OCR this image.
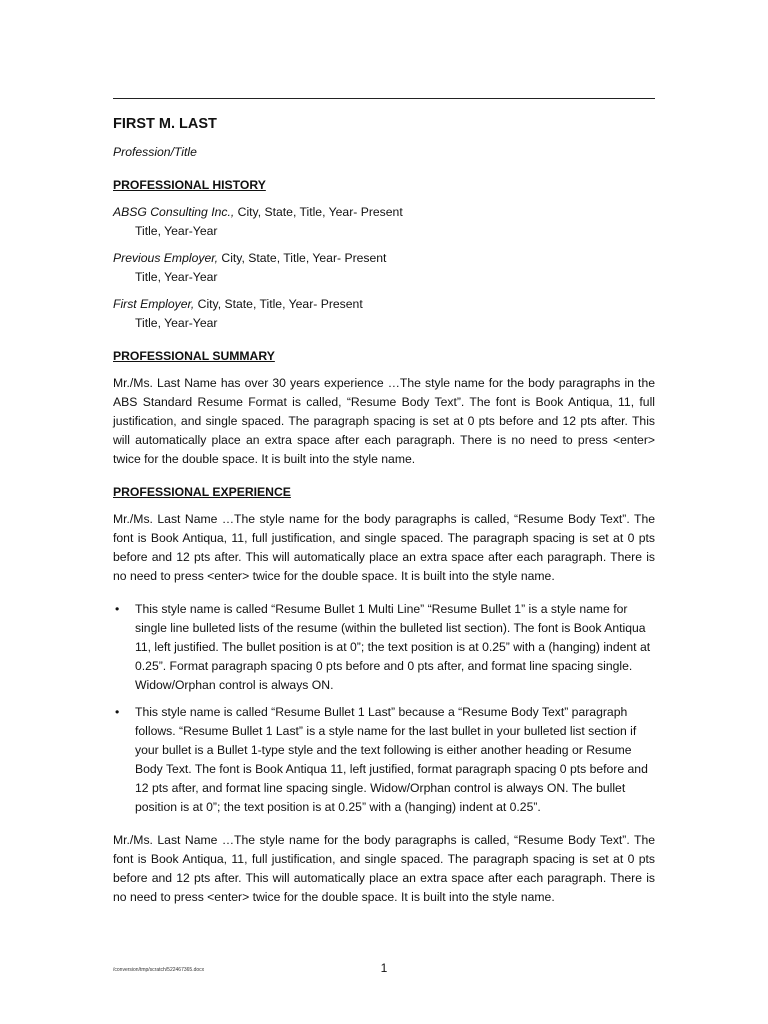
FIRST M. LAST
Profession/Title
PROFESSIONAL HISTORY
ABSG Consulting Inc., City, State, Title, Year- Present
Title, Year-Year
Previous Employer, City, State, Title, Year- Present
Title, Year-Year
First Employer, City, State, Title, Year- Present
Title, Year-Year
PROFESSIONAL SUMMARY

Mr./Ms. Last Name has over 30 years experience …The style name for the body paragraphs in the ABS Standard Resume Format is called, “Resume Body Text”. The font is Book Antiqua, 11, full justification, and single spaced. The paragraph spacing is set at 0 pts before and 12 pts after. This will automatically place an extra space after each paragraph. There is no need to press <enter> twice for the double space. It is built into the style name.

PROFESSIONAL EXPERIENCE

Mr./Ms. Last Name …The style name for the body paragraphs is called, “Resume Body Text”. The font is Book Antiqua, 11, full justification, and single spaced. The paragraph spacing is set at 0 pts before and 12 pts after. This will automatically place an extra space after each paragraph. There is no need to press <enter> twice for the double space. It is built into the style name.

• This style name is called “Resume Bullet 1 Multi Line” “Resume Bullet 1” is a style name for single line bulleted lists of the resume (within the bulleted list section). The font is Book Antiqua 11, left justified. The bullet position is at 0”; the text position is at 0.25” with a (hanging) indent at 0.25”. Format paragraph spacing 0 pts before and 0 pts after, and format line spacing single. Widow/Orphan control is always ON.
• This style name is called “Resume Bullet 1 Last” because a “Resume Body Text” paragraph follows. “Resume Bullet 1 Last” is a style name for the last bullet in your bulleted list section if your bullet is a Bullet 1-type style and the text following is either another heading or Resume Body Text. The font is Book Antiqua 11, left justified, format paragraph spacing 0 pts before and 12 pts after, and format line spacing single. Widow/Orphan control is always ON. The bullet position is at 0”; the text position is at 0.25” with a (hanging) indent at 0.25”.

Mr./Ms. Last Name …The style name for the body paragraphs is called, “Resume Body Text”. The font is Book Antiqua, 11, full justification, and single spaced. The paragraph spacing is set at 0 pts before and 12 pts after. This will automatically place an extra space after each paragraph. There is no need to press <enter> twice for the double space. It is built into the style name.

/conversion/tmp/scratch/522467365.docx	1
